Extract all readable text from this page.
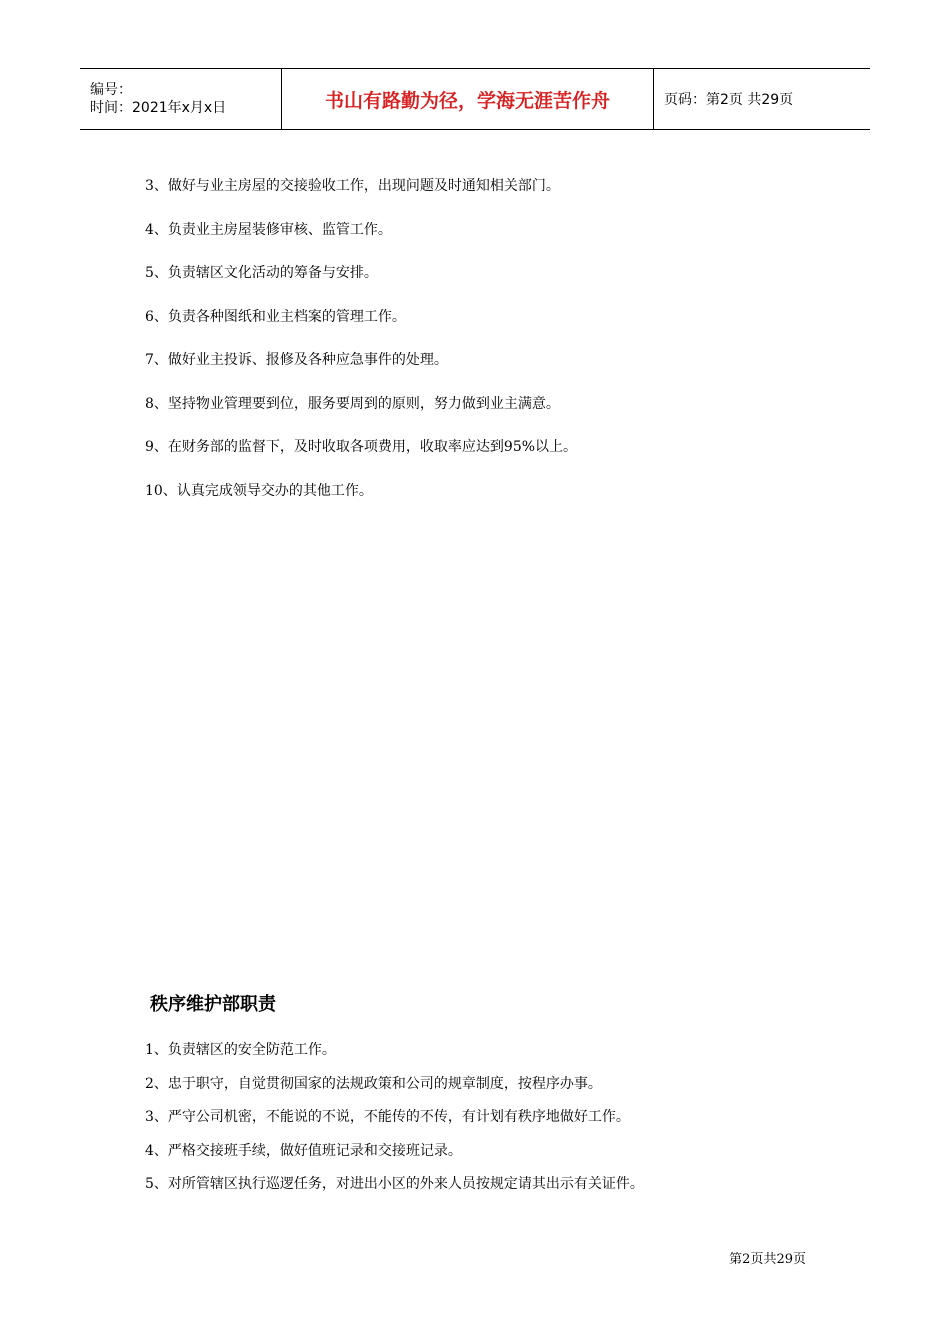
编号：
时间：2021年x月x日	书山有路勤为径，学海无涯苦作舟	页码：第2页 共29页
3、做好与业主房屋的交接验收工作，出现问题及时通知相关部门。
4、负责业主房屋装修审核、监管工作。
5、负责辖区文化活动的筹备与安排。
6、负责各种图纸和业主档案的管理工作。
7、做好业主投诉、报修及各种应急事件的处理。
8、坚持物业管理要到位，服务要周到的原则，努力做到业主满意。
9、在财务部的监督下，及时收取各项费用，收取率应达到95%以上。
10、认真完成领导交办的其他工作。
秩序维护部职责
1、负责辖区的安全防范工作。
2、忠于职守，自觉贯彻国家的法规政策和公司的规章制度，按程序办事。
3、严守公司机密，不能说的不说，不能传的不传，有计划有秩序地做好工作。
4、严格交接班手续，做好值班记录和交接班记录。
5、对所管辖区执行巡逻任务，对进出小区的外来人员按规定请其出示有关证件。
第2页共29页
